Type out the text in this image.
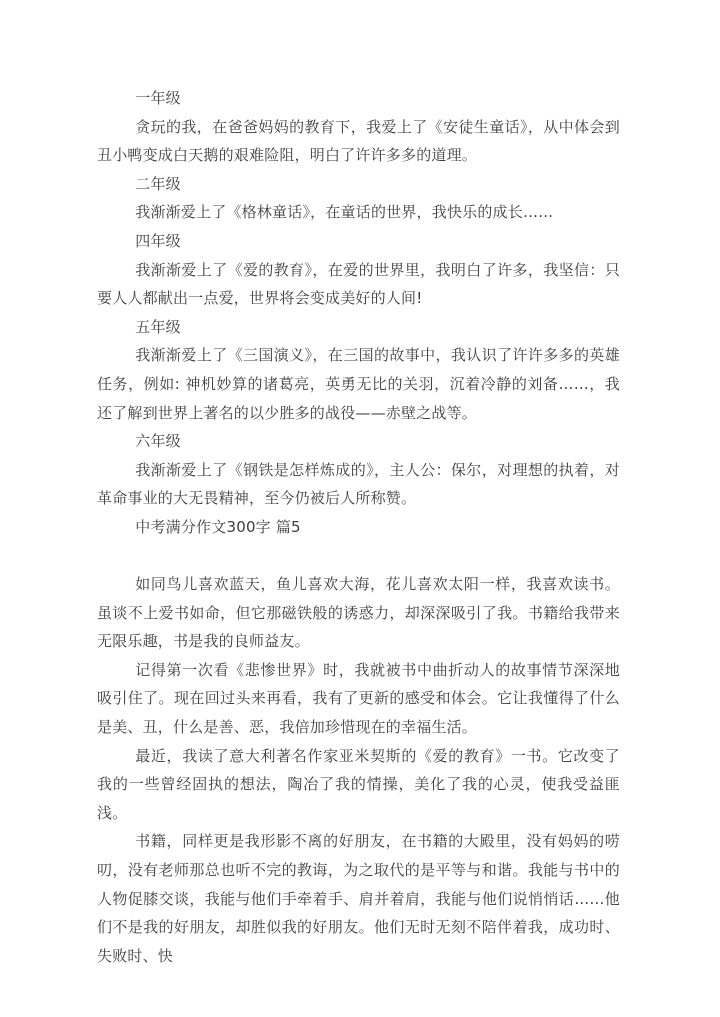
一年级

贪玩的我，在爸爸妈妈的教育下，我爱上了《安徒生童话》，从中体会到丑小鸭变成白天鹅的艰难险阻，明白了许许多多的道理。

二年级

我渐渐爱上了《格林童话》，在童话的世界，我快乐的成长……

四年级

我渐渐爱上了《爱的教育》，在爱的世界里，我明白了许多，我坚信：只要人人都献出一点爱，世界将会变成美好的人间!

五年级

我渐渐爱上了《三国演义》，在三国的故事中，我认识了许许多多的英雄任务，例如: 神机妙算的诸葛亮，英勇无比的关羽，沉着冷静的刘备……，我还了解到世界上著名的以少胜多的战役——赤壁之战等。

六年级

我渐渐爱上了《钢铁是怎样炼成的》，主人公：保尔，对理想的执着，对革命事业的大无畏精神，至今仍被后人所称赞。

中考满分作文300字 篇5

如同鸟儿喜欢蓝天，鱼儿喜欢大海，花儿喜欢太阳一样，我喜欢读书。虽谈不上爱书如命，但它那磁铁般的诱惑力，却深深吸引了我。书籍给我带来无限乐趣，书是我的良师益友。

记得第一次看《悲惨世界》时，我就被书中曲折动人的故事情节深深地吸引住了。现在回过头来再看，我有了更新的感受和体会。它让我懂得了什么是美、丑，什么是善、恶，我倍加珍惜现在的幸福生活。

最近，我读了意大利著名作家亚米契斯的《爱的教育》一书。它改变了我的一些曾经固执的想法，陶冶了我的情操，美化了我的心灵，使我受益匪浅。

书籍，同样更是我形影不离的好朋友，在书籍的大殿里，没有妈妈的唠叨，没有老师那总也听不完的教诲，为之取代的是平等与和谐。我能与书中的人物促膝交谈，我能与他们手牵着手、肩并着肩，我能与他们说悄悄话……他们不是我的好朋友，却胜似我的好朋友。他们无时无刻不陪伴着我，成功时、失败时、快
